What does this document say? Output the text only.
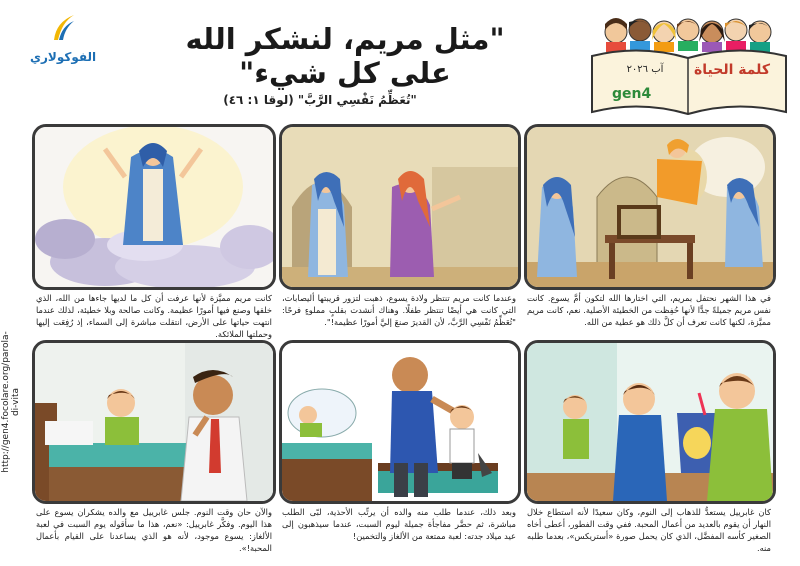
الفوكولاري
"مثل مريم، لنشكر الله على كل شيء"
"تُعَظِّمُ نَفْسِي الرَّبَّ" (لوقا ١: ٤٦)
كلمة الحياة
آب ٢٠٢٦
gen4
http://gen4.focolare.org/parola-di-vita
في هذا الشهر نحتفل بمريم، التي اختارها الله لتكون أمَّ يسوع. كانت نفس مريم جميلةً جدًّا لأنها حُفِظت من الخطيئة الأصلية. نعم، كانت مريم مميَّزة، لكنها كانت تعرف أن كلَّ ذلك هو عطية من الله.
وعندما كانت مريم تنتظر ولادة يسوع، ذهبت لتزور قريبتها أليصابات، التي كانت هي أيضًا تنتظر طفلًا. وهناك أنشدت بقلبٍ مملوءٍ فرحًا: "تُعَظِّمُ نَفْسِي الرَّبَّ، لأن القديرَ صنعَ إليَّ أمورًا عظيمة!".
كانت مريم مميَّزة لأنها عرفت أن كل ما لديها جاءها من الله، الذي خلقها وصنع فيها أمورًا عظيمة. وكانت صالحة وبلا خطيئة، لذلك عندما انتهت حياتها على الأرض، انتقلت مباشرة إلى السماء، إذ رُفِعَت إليها وحملتها الملائكة.
كان غابرييل يستعدُّ للذهاب إلى النوم، وكان سعيدًا لأنه استطاع خلال النهار أن يقوم بالعديد من أعمال المحبة. ففي وقت الفطور، أعطى أخاه الصغير كأسه المفضَّل، الذي كان يحمل صورة «أستريكس»، بعدما طلبه منه.
وبعد ذلك، عندما طلب منه والده أن يرتِّب الأحذية، لبّى الطلب مباشرة، ثم حضَّر مفاجأة جميلة ليوم السبت، عندما سيذهبون إلى عيد ميلاد جدته: لعبة ممتعة من الألغاز والتخمين!
والآن حان وقت النوم. جلس غابرييل مع والده يشكران يسوع على هذا اليوم. وفكَّر غابرييل: «نعم، هذا ما سأقوله يوم السبت في لعبة الألغاز: يسوع موجود، لأنه هو الذي يساعدنا على القيام بأعمال المحبة!».
